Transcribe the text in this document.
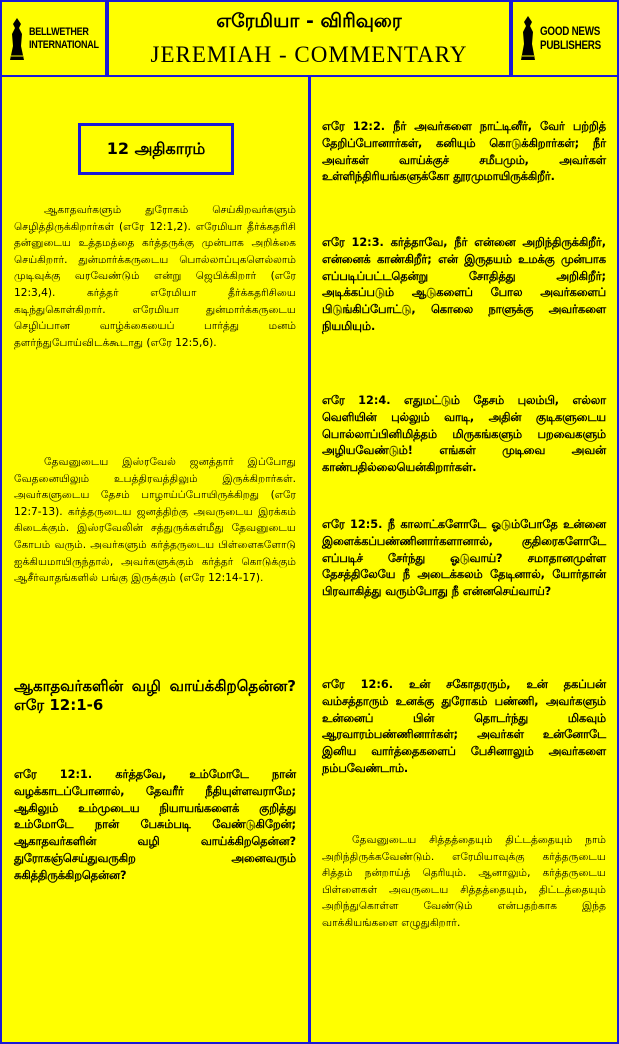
BELLWETHER
INTERNATIONAL
எரேமியா - விரிவுரை
JEREMIAH - COMMENTARY
GOOD NEWS
PUBLISHERS
12 அதிகாரம்

ஆகாதவர்களும் துரோகம் செய்கிறவர்களும் செழித்திருக்கிறார்கள் (எரே 12:1,2). எரேமியா தீர்க்கதரிசி தன்னுடைய உத்தமத்தை கர்த்தருக்கு முன்பாக அறிக்கை செய்கிறார். துன்மார்க்கருடைய பொல்லாப்புகளெல்லாம் முடிவுக்கு வரவேண்டும் என்று ஜெபிக்கிறார் (எரே 12:3,4). கர்த்தர் எரேமியா தீர்க்கதரிசியை கடிந்துகொள்கிறார். எரேமியா துன்மார்க்கருடைய செழிப்பான வாழ்க்கையைப் பார்த்து மனம் தளர்ந்துபோய்விடக்கூடாது (எரே 12:5,6).

தேவனுடைய இஸ்ரவேல் ஜனத்தார் இப்போது வேதனையிலும் உபத்திரவத்திலும் இருக்கிறார்கள். அவர்களுடைய தேசம் பாழாய்ப்போயிருக்கிறது (எரே 12:7-13). கர்த்தருடைய ஜனத்திற்கு அவருடைய இரக்கம் கிடைக்கும். இஸ்ரவேலின் சத்துருக்கள்மீது தேவனுடைய கோபம் வரும். அவர்களும் கர்த்தருடைய பிள்ளைகளோடு ஐக்கியமாயிருந்தால், அவர்களுக்கும் கர்த்தர் கொடுக்கும் ஆசீர்வாதங்களில் பங்கு இருக்கும் (எரே 12:14-17).

ஆகாதவர்களின் வழி வாய்க்கிறதென்ன? எரே 12:1-6

எரே 12:1. கர்த்தவே, உம்மோடே நான் வழக்காடப்போனால், தேவரீர் நீதியுள்ளவராமே; ஆகிலும் உம்முடைய நியாயங்களைக் குறித்து உம்மோடே நான் பேசும்படி வேண்டுகிறேன்; ஆகாதவர்களின் வழி வாய்க்கிறதென்ன? துரோகஞ்செய்துவருகிற அனைவரும் சுகித்திருக்கிறதென்ன?

எரே 12:2. நீர் அவர்களை நாட்டினீர், வேர் பற்றித் தேறிப்போனார்கள், கனியும் கொடுக்கிறார்கள்; நீர் அவர்கள் வாய்க்குச் சமீபமும், அவர்கள் உள்ளிந்திரியங்களுக்கோ தூரமுமாயிருக்கிறீர்.

எரே 12:3. கர்த்தாவே, நீர் என்னை அறிந்திருக்கிறீர், என்னைக் காண்கிறீர்; என் இருதயம் உமக்கு முன்பாக எப்படிப்பட்டதென்று சோதித்து அறிகிறீர்; அடிக்கப்படும் ஆடுகளைப் போல அவர்களைப் பிடுங்கிப்போட்டு, கொலை நாளுக்கு அவர்களை நியமியும்.

எரே 12:4. எதுமட்டும் தேசம் புலம்பி, எல்லா வெளியின் புல்லும் வாடி, அதின் குடிகளுடைய பொல்லாப்பினிமித்தம் மிருகங்களும் பறவைகளும் அழியவேண்டும்! எங்கள் முடிவை அவன் காண்பதில்லையென்கிறார்கள்.

எரே 12:5. நீ காலாட்களோடே ஓடும்போதே உன்னை இளைக்கப்பண்ணினார்களானால், குதிரைகளோடே எப்படிச் சேர்ந்து ஓடுவாய்? சமாதானமுள்ள தேசத்திலேயே நீ அடைக்கலம் தேடினால், யோர்தான் பிரவாகித்து வரும்போது நீ என்னசெய்வாய்?

எரே 12:6. உன் சகோதரரும், உன் தகப்பன் வம்சத்தாரும் உனக்கு துரோகம் பண்ணி, அவர்களும் உன்னைப் பின் தொடர்ந்து மிகவும் ஆரவாரம்பண்ணினார்கள்; அவர்கள் உன்னோடே இனிய வார்த்தைகளைப் பேசினாலும் அவர்களை நம்பவேண்டாம்.

தேவனுடைய சித்தத்தையும் திட்டத்தையும் நாம் அறிந்திருக்கவேண்டும். எரேமியாவுக்கு கர்த்தருடைய சித்தம் நன்றாய்த் தெரியும். ஆனாலும், கர்த்தருடைய பிள்ளைகள் அவருடைய சித்தத்தையும், திட்டத்தையும் அறிந்துகொள்ள வேண்டும் என்பதற்காக இந்த வாக்கியங்களை எழுதுகிறார்.
